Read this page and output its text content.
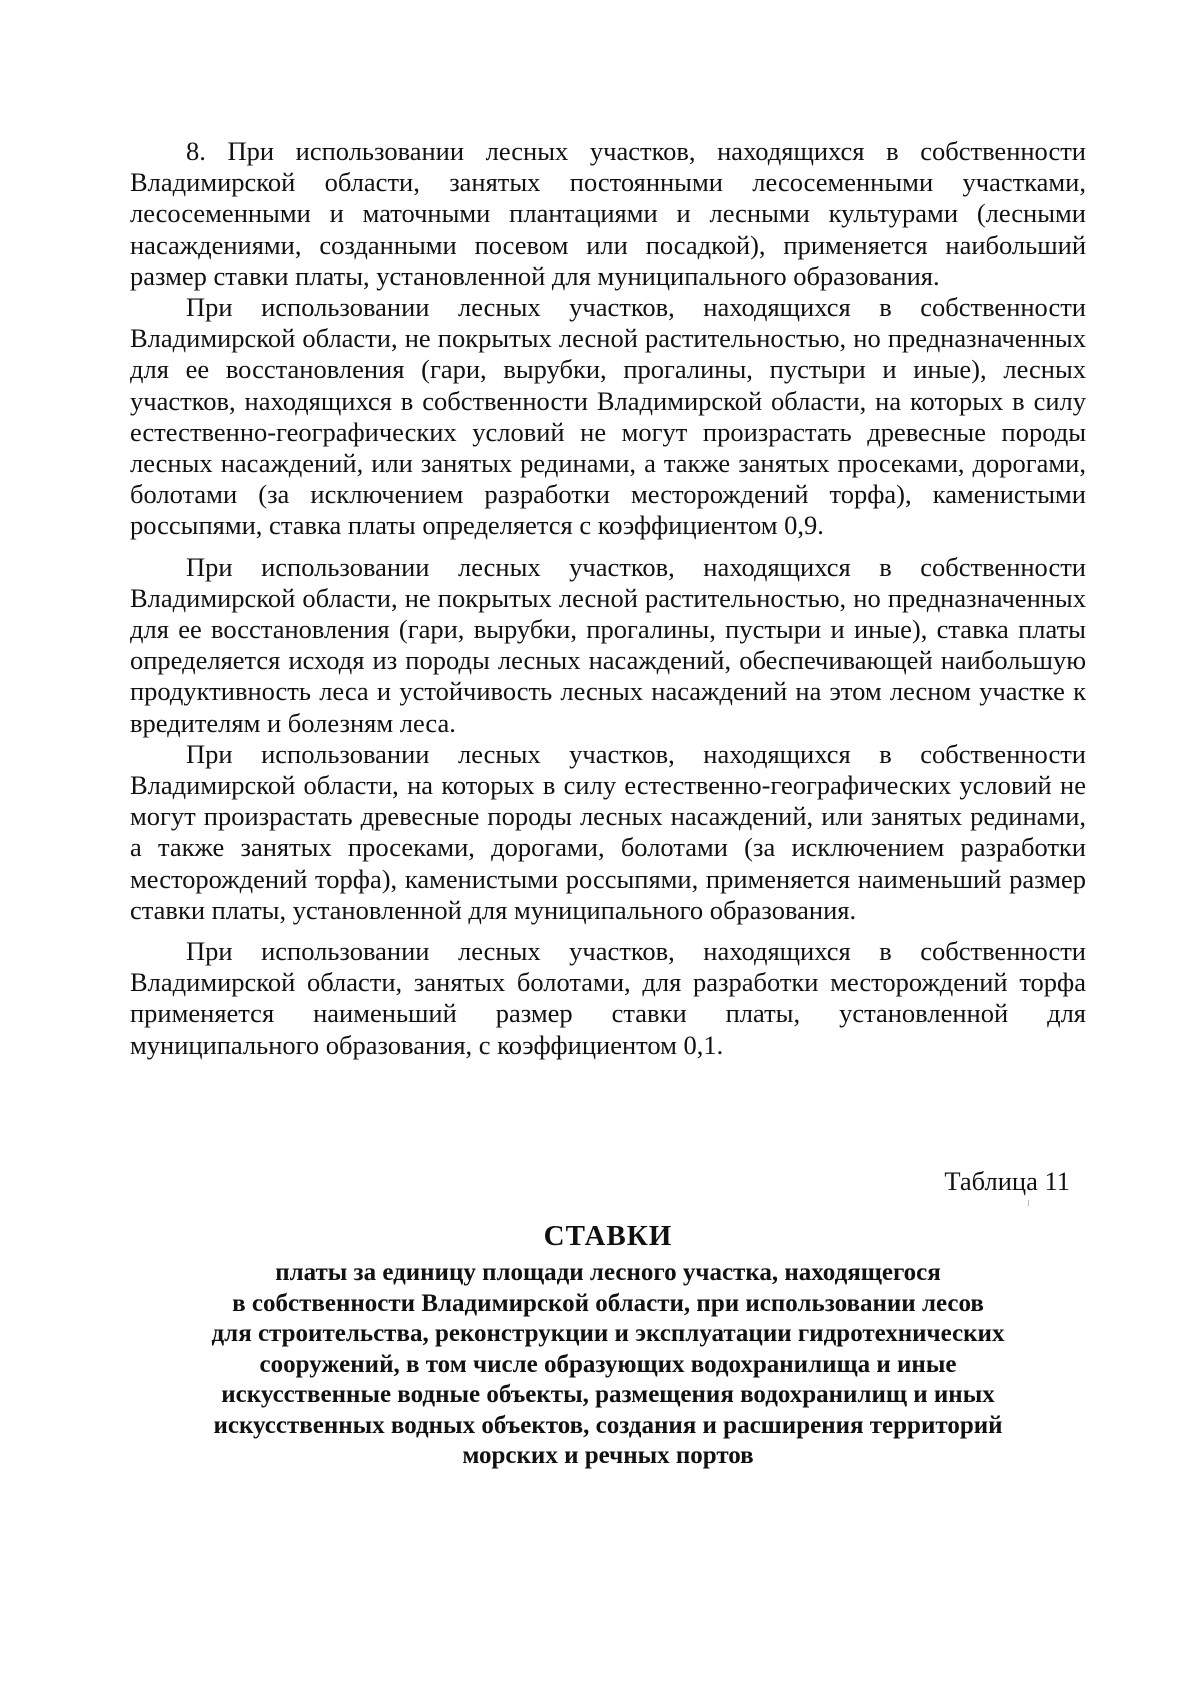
8. При использовании лесных участков, находящихся в собственности Владимирской области, занятых постоянными лесосеменными участками, лесосеменными и маточными плантациями и лесными культурами (лесными насаждениями, созданными посевом или посадкой), применяется наибольший размер ставки платы, установленной для муниципального образования.

При использовании лесных участков, находящихся в собственности Владимирской области, не покрытых лесной растительностью, но предназначенных для ее восстановления (гари, вырубки, прогалины, пустыри и иные), лесных участков, находящихся в собственности Владимирской области, на которых в силу естественно-географических условий не могут произрастать древесные породы лесных насаждений, или занятых рединами, а также занятых просеками, дорогами, болотами (за исключением разработки месторождений торфа), каменистыми россыпями, ставка платы определяется с коэффициентом 0,9.

При использовании лесных участков, находящихся в собственности Владимирской области, не покрытых лесной растительностью, но предназначенных для ее восстановления (гари, вырубки, прогалины, пустыри и иные), ставка платы определяется исходя из породы лесных насаждений, обеспечивающей наибольшую продуктивность леса и устойчивость лесных насаждений на этом лесном участке к вредителям и болезням леса.

При использовании лесных участков, находящихся в собственности Владимирской области, на которых в силу естественно-географических условий не могут произрастать древесные породы лесных насаждений, или занятых рединами, а также занятых просеками, дорогами, болотами (за исключением разработки месторождений торфа), каменистыми россыпями, применяется наименьший размер ставки платы, установленной для муниципального образования.

При использовании лесных участков, находящихся в собственности Владимирской области, занятых болотами, для разработки месторождений торфа применяется наименьший размер ставки платы, установленной для муниципального образования, с коэффициентом 0,1.

Таблица 11
СТАВКИ
платы за единицу площади лесного участка, находящегося
в собственности Владимирской области, при использовании лесов
для строительства, реконструкции и эксплуатации гидротехнических
сооружений, в том числе образующих водохранилища и иные
искусственные водные объекты, размещения водохранилищ и иных
искусственных водных объектов, создания и расширения территорий
морских и речных портов
